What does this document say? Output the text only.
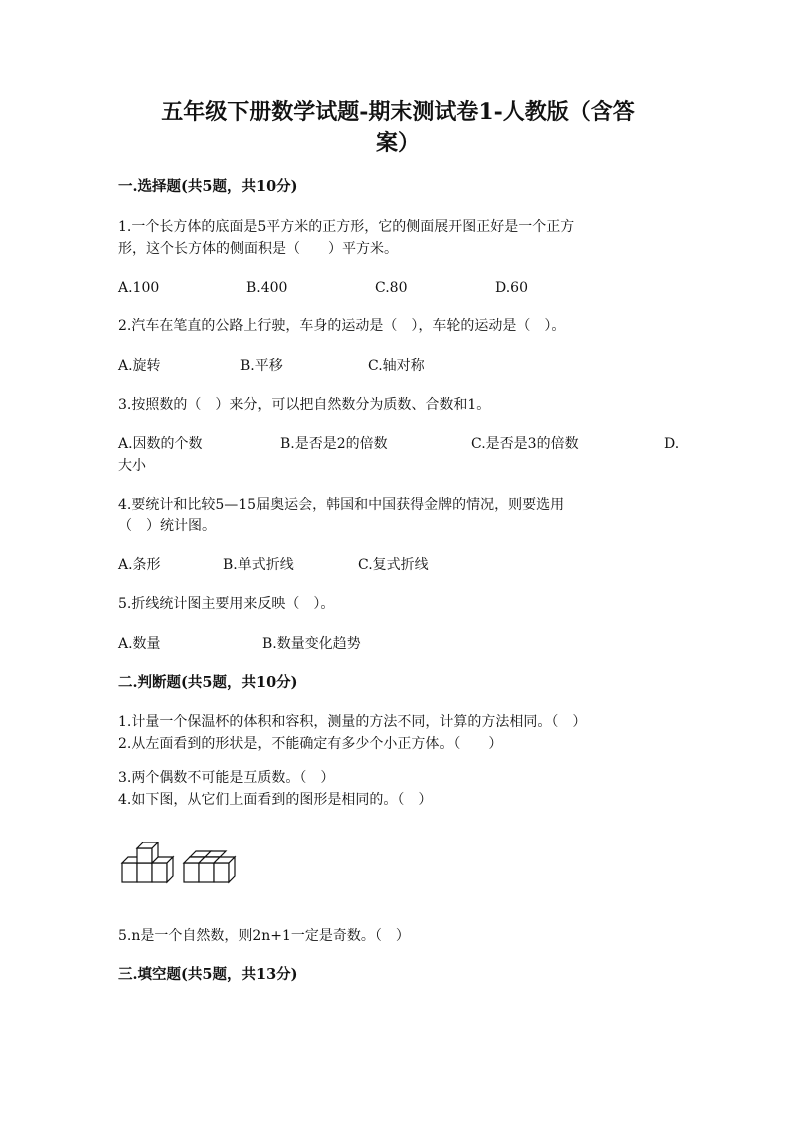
五年级下册数学试题-期末测试卷1-人教版（含答
案）
一.选择题(共5题，共10分)
1.一个长方体的底面是5平方米的正方形，它的侧面展开图正好是一个正方
形，这个长方体的侧面积是（　　）平方米。
A.100	B.400	C.80	D.60
2.汽车在笔直的公路上行驶，车身的运动是（　），车轮的运动是（　）。
A.旋转	B.平移	C.轴对称
3.按照数的（　）来分，可以把自然数分为质数、合数和1。
A.因数的个数	B.是否是2的倍数	C.是否是3的倍数	D.
大小
4.要统计和比较5—15届奥运会，韩国和中国获得金牌的情况，则要选用
（　）统计图。
A.条形	B.单式折线	C.复式折线
5.折线统计图主要用来反映（　）。
A.数量	B.数量变化趋势
二.判断题(共5题，共10分)
1.计量一个保温杯的体积和容积，测量的方法不同，计算的方法相同。（　）
2.从左面看到的形状是，不能确定有多少个小正方体。（　　）
3.两个偶数不可能是互质数。（　）
4.如下图，从它们上面看到的图形是相同的。（　）
5.n是一个自然数，则2n+1一定是奇数。（　）
三.填空题(共5题，共13分)
